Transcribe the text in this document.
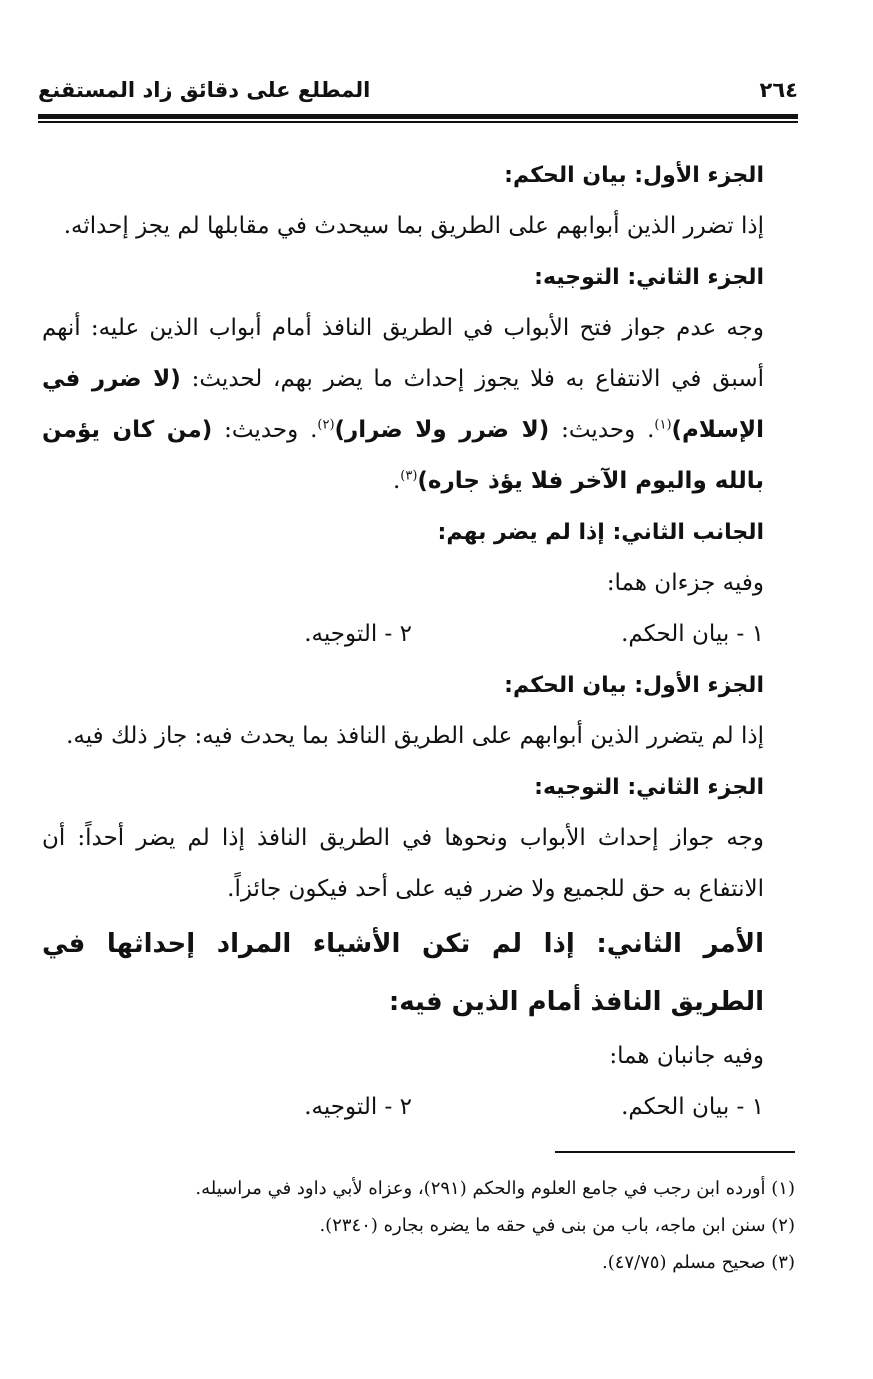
٢٦٤
المطلع على دقائق زاد المستقنع

الجزء الأول: بيان الحكم:

إذا تضرر الذين أبوابهم على الطريق بما سيحدث في مقابلها لم يجز إحداثه.

الجزء الثاني: التوجيه:

وجه عدم جواز فتح الأبواب في الطريق النافذ أمام أبواب الذين عليه: أنهم أسبق في الانتفاع به فلا يجوز إحداث ما يضر بهم، لحديث: (لا ضرر في الإسلام)$^{(١)}$. وحديث: (لا ضرر ولا ضرار)$^{(٢)}$. وحديث: (من كان يؤمن بالله واليوم الآخر فلا يؤذ جاره)$^{(٣)}$.

الجانب الثاني: إذا لم يضر بهم:

وفيه جزءان هما:

١ - بيان الحكم.
٢ - التوجيه.

الجزء الأول: بيان الحكم:

إذا لم يتضرر الذين أبوابهم على الطريق النافذ بما يحدث فيه: جاز ذلك فيه.

الجزء الثاني: التوجيه:

وجه جواز إحداث الأبواب ونحوها في الطريق النافذ إذا لم يضر أحداً: أن الانتفاع به حق للجميع ولا ضرر فيه على أحد فيكون جائزاً.

الأمر الثاني: إذا لم تكن الأشياء المراد إحداثها في الطريق النافذ أمام الذين فيه:

وفيه جانبان هما:

١ - بيان الحكم.
٢ - التوجيه.

(١) أورده ابن رجب في جامع العلوم والحكم (٢٩١)، وعزاه لأبي داود في مراسيله.

(٢) سنن ابن ماجه، باب من بنى في حقه ما يضره بجاره (٢٣٤٠).

(٣) صحيح مسلم (٤٧/٧٥).
